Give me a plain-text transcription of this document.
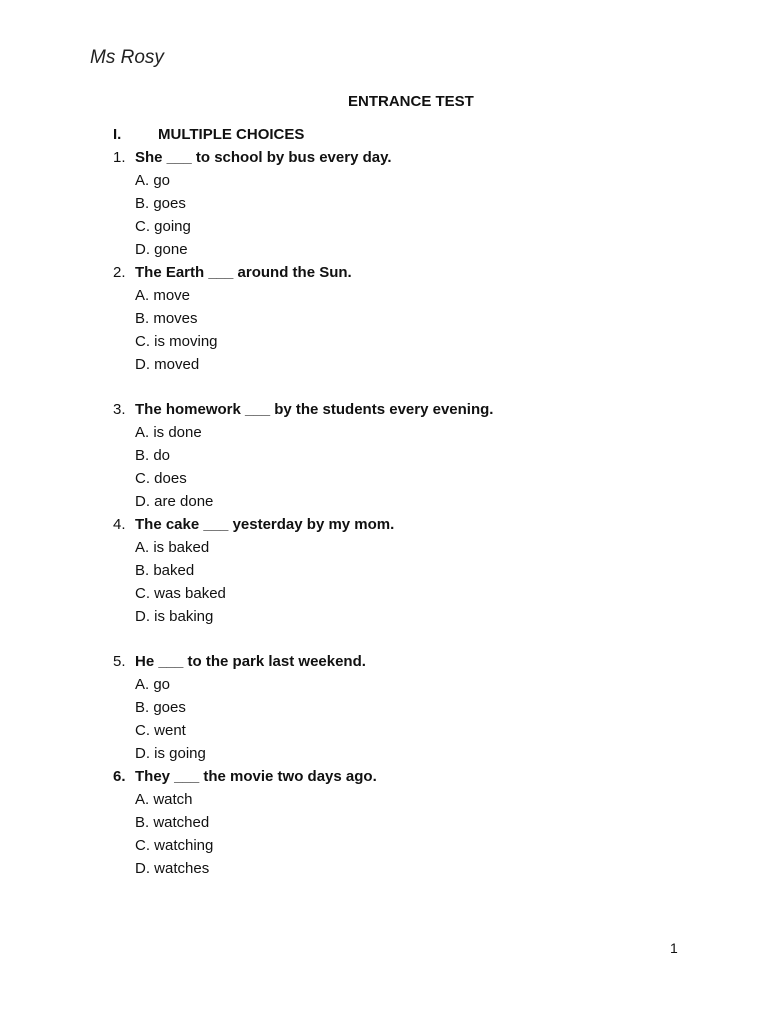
Ms Rosy
ENTRANCE TEST
I. MULTIPLE CHOICES
1. She ___ to school by bus every day.
A. go
B. goes
C. going
D. gone
2. The Earth ___ around the Sun.
A. move
B. moves
C. is moving
D. moved
3. The homework ___ by the students every evening.
A. is done
B. do
C. does
D. are done
4. The cake ___ yesterday by my mom.
A. is baked
B. baked
C. was baked
D. is baking
5. He ___ to the park last weekend.
A. go
B. goes
C. went
D. is going
6. They ___ the movie two days ago.
A. watch
B. watched
C. watching
D. watches
1
